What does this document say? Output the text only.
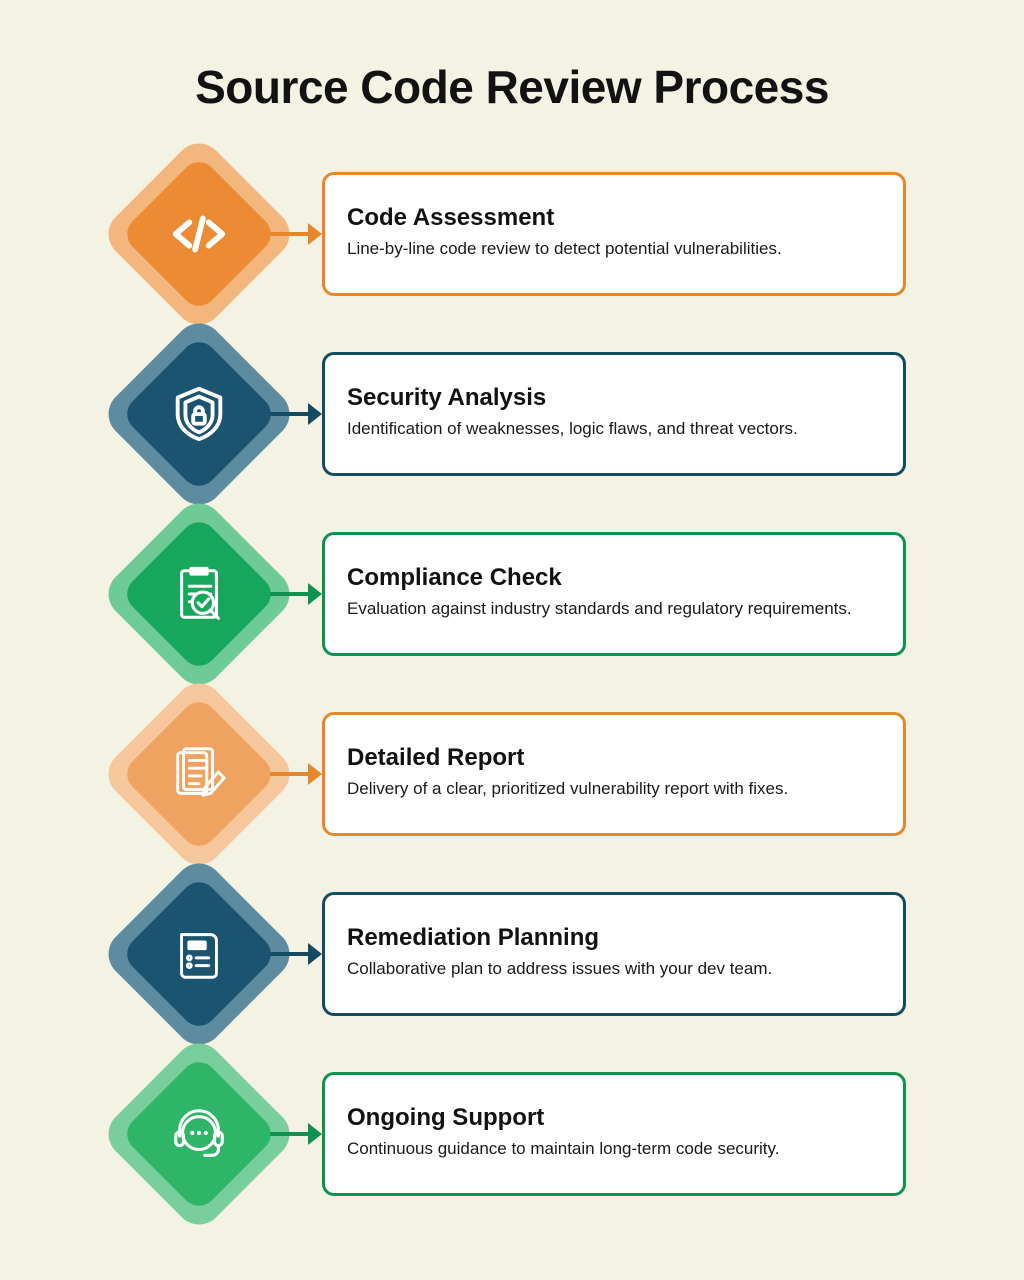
Source Code Review Process
Code Assessment
Line-by-line code review to detect potential vulnerabilities.
Security Analysis
Identification of weaknesses, logic flaws, and threat vectors.
Compliance Check
Evaluation against industry standards and regulatory requirements.
Detailed Report
Delivery of a clear, prioritized vulnerability report with fixes.
Remediation Planning
Collaborative plan to address issues with your dev team.
Ongoing Support
Continuous guidance to maintain long-term code security.
